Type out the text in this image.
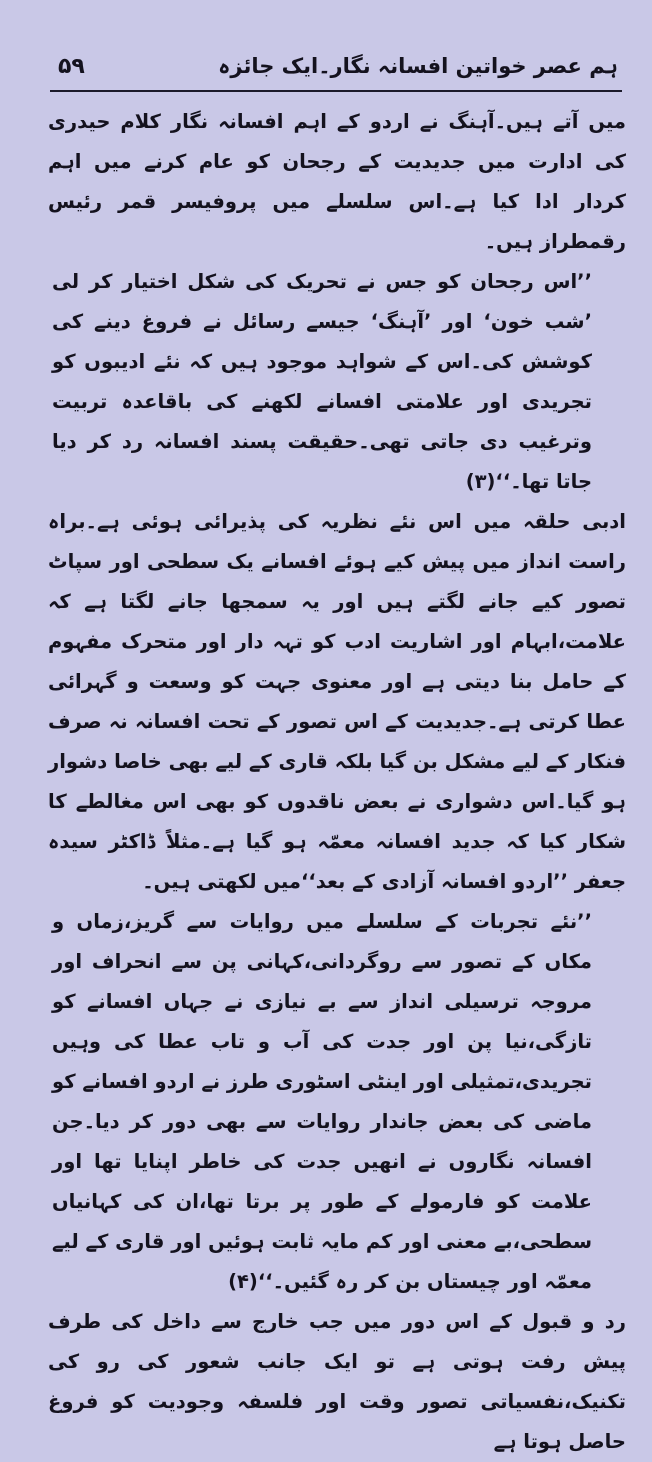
۵۹	ہم عصر خواتین افسانہ نگار۔ایک جائزہ

میں آتے ہیں۔آہنگ نے اردو کے اہم افسانہ نگار کلام حیدری کی ادارت میں جدیدیت کے رجحان کو عام کرنے میں اہم کردار ادا کیا ہے۔اس سلسلے میں پروفیسر قمر رئیس رقمطراز ہیں۔

’’اس رجحان کو جس نے تحریک کی شکل اختیار کر لی ’شب خون‘ اور ’آہنگ‘ جیسے رسائل نے فروغ دینے کی کوشش کی۔اس کے شواہد موجود ہیں کہ نئے ادیبوں کو تجریدی اور علامتی افسانے لکھنے کی باقاعدہ تربیت وترغیب دی جاتی تھی۔حقیقت پسند افسانہ رد کر دیا جاتا تھا۔‘‘(۳)

ادبی حلقہ میں اس نئے نظریہ کی پذیرائی ہوئی ہے۔براہ راست انداز میں پیش کیے ہوئے افسانے یک سطحی اور سپاٹ تصور کیے جانے لگتے ہیں اور یہ سمجھا جانے لگتا ہے کہ علامت،ابہام اور اشاریت ادب کو تہہ دار اور متحرک مفہوم کے حامل بنا دیتی ہے اور معنوی جہت کو وسعت و گہرائی عطا کرتی ہے۔جدیدیت کے اس تصور کے تحت افسانہ نہ صرف فنکار کے لیے مشکل بن گیا بلکہ قاری کے لیے بھی خاصا دشوار ہو گیا۔اس دشواری نے بعض ناقدوں کو بھی اس مغالطے کا شکار کیا کہ جدید افسانہ معمّہ ہو گیا ہے۔مثلاً ڈاکٹر سیدہ جعفر ’’اردو افسانہ آزادی کے بعد‘‘میں لکھتی ہیں۔

’’نئے تجربات کے سلسلے میں روایات سے گریز،زماں و مکاں کے تصور سے روگردانی،کہانی پن سے انحراف اور مروجہ ترسیلی انداز سے بے نیازی نے جہاں افسانے کو تازگی،نیا پن اور جدت کی آب و تاب عطا کی وہیں تجریدی،تمثیلی اور اینٹی اسٹوری طرز نے اردو افسانے کو ماضی کی بعض جاندار روایات سے بھی دور کر دیا۔جن افسانہ نگاروں نے انھیں جدت کی خاطر اپنایا تھا اور علامت کو فارمولے کے طور پر برتا تھا،ان کی کہانیاں سطحی،بے معنی اور کم مایہ ثابت ہوئیں اور قاری کے لیے معمّہ اور چیستاں بن کر رہ گئیں۔‘‘(۴)

رد و قبول کے اس دور میں جب خارج سے داخل کی طرف پیش رفت ہوتی ہے تو ایک جانب شعور کی رو کی تکنیک،نفسیاتی تصور وقت اور فلسفہ وجودیت کو فروغ حاصل ہوتا ہے
